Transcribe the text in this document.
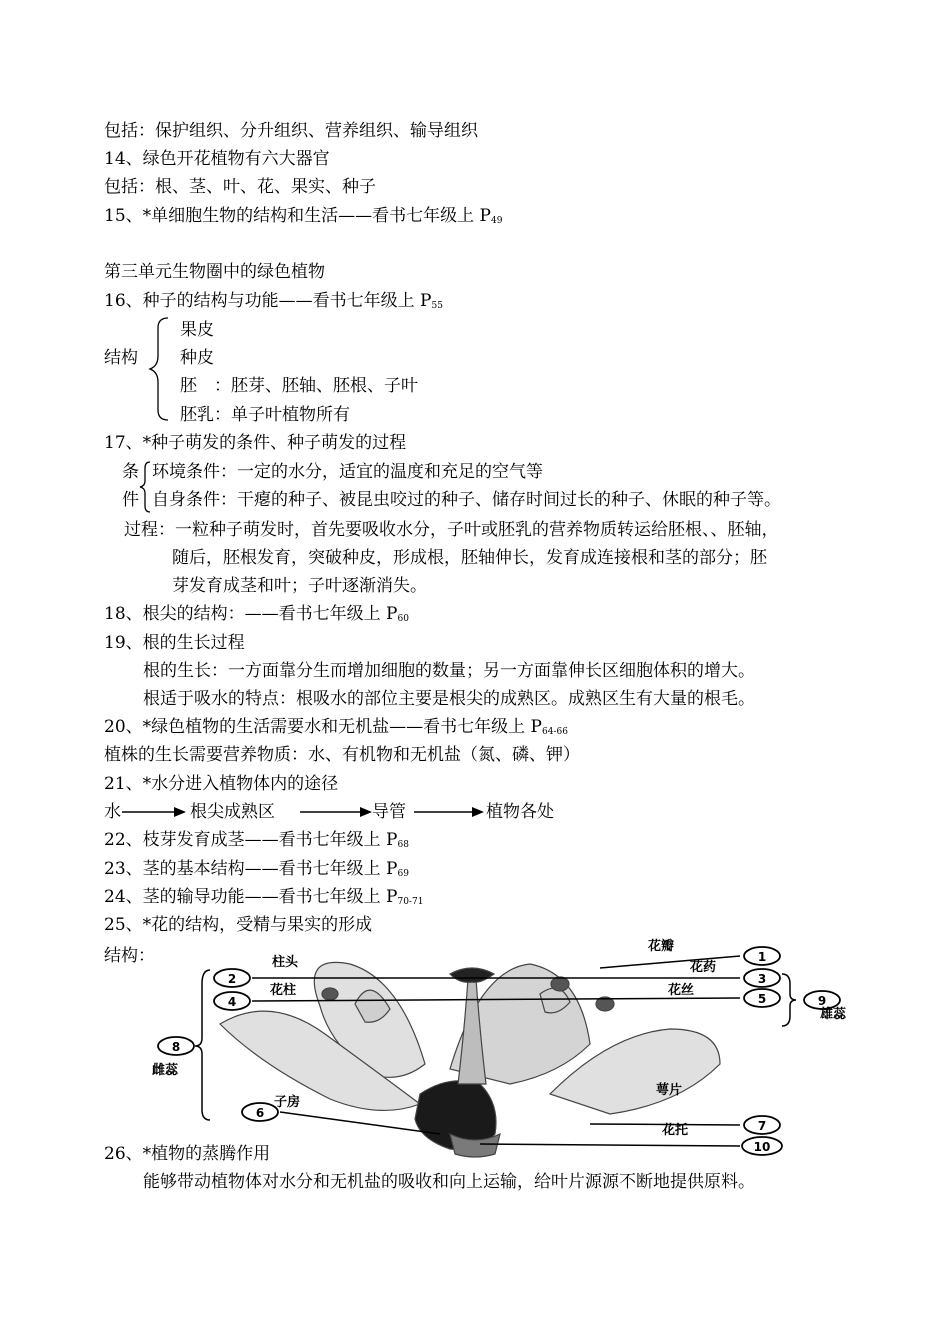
包括：保护组织、分升组织、营养组织、输导组织
14、绿色开花植物有六大器官
包括：根、茎、叶、花、果实、种子
15、*单细胞生物的结构和生活——看书七年级上 $P_{49}$
第三单元生物圈中的绿色植物
16、种子的结构与功能——看书七年级上 $P_{55}$
结构
果皮
种皮
胚　：胚芽、胚轴、胚根、子叶
胚乳：单子叶植物所有
17、*种子萌发的条件、种子萌发的过程
条
件
环境条件：一定的水分，适宜的温度和充足的空气等
自身条件：干瘪的种子、被昆虫咬过的种子、储存时间过长的种子、休眠的种子等。
过程：一粒种子萌发时，首先要吸收水分，子叶或胚乳的营养物质转运给胚根、、胚轴，
随后，胚根发育，突破种皮，形成根，胚轴伸长，发育成连接根和茎的部分；胚
芽发育成茎和叶；子叶逐渐消失。
18、根尖的结构：——看书七年级上 $P_{60}$
19、根的生长过程
根的生长：一方面靠分生而增加细胞的数量；另一方面靠伸长区细胞体积的增大。
根适于吸水的特点：根吸水的部位主要是根尖的成熟区。成熟区生有大量的根毛。
20、*绿色植物的生活需要水和无机盐——看书七年级上 $P_{64-66}$
植株的生长需要营养物质：水、有机物和无机盐（氮、磷、钾）
21、*水分进入植物体内的途径
水	根尖成熟区	导管	植物各处
22、枝芽发育成茎——看书七年级上 $P_{68}$
23、茎的基本结构——看书七年级上 $P_{69}$
24、茎的输导功能——看书七年级上 $P_{70-71}$
25、*花的结构，受精与果实的形成
结构：	1
2	3
4	5
6
7
8
9
10
花瓣
花药
花丝
雄蕊
柱头
花柱
雌蕊
子房
萼片
花托
26、*植物的蒸腾作用
能够带动植物体对水分和无机盐的吸收和向上运输，给叶片源源不断地提供原料。
